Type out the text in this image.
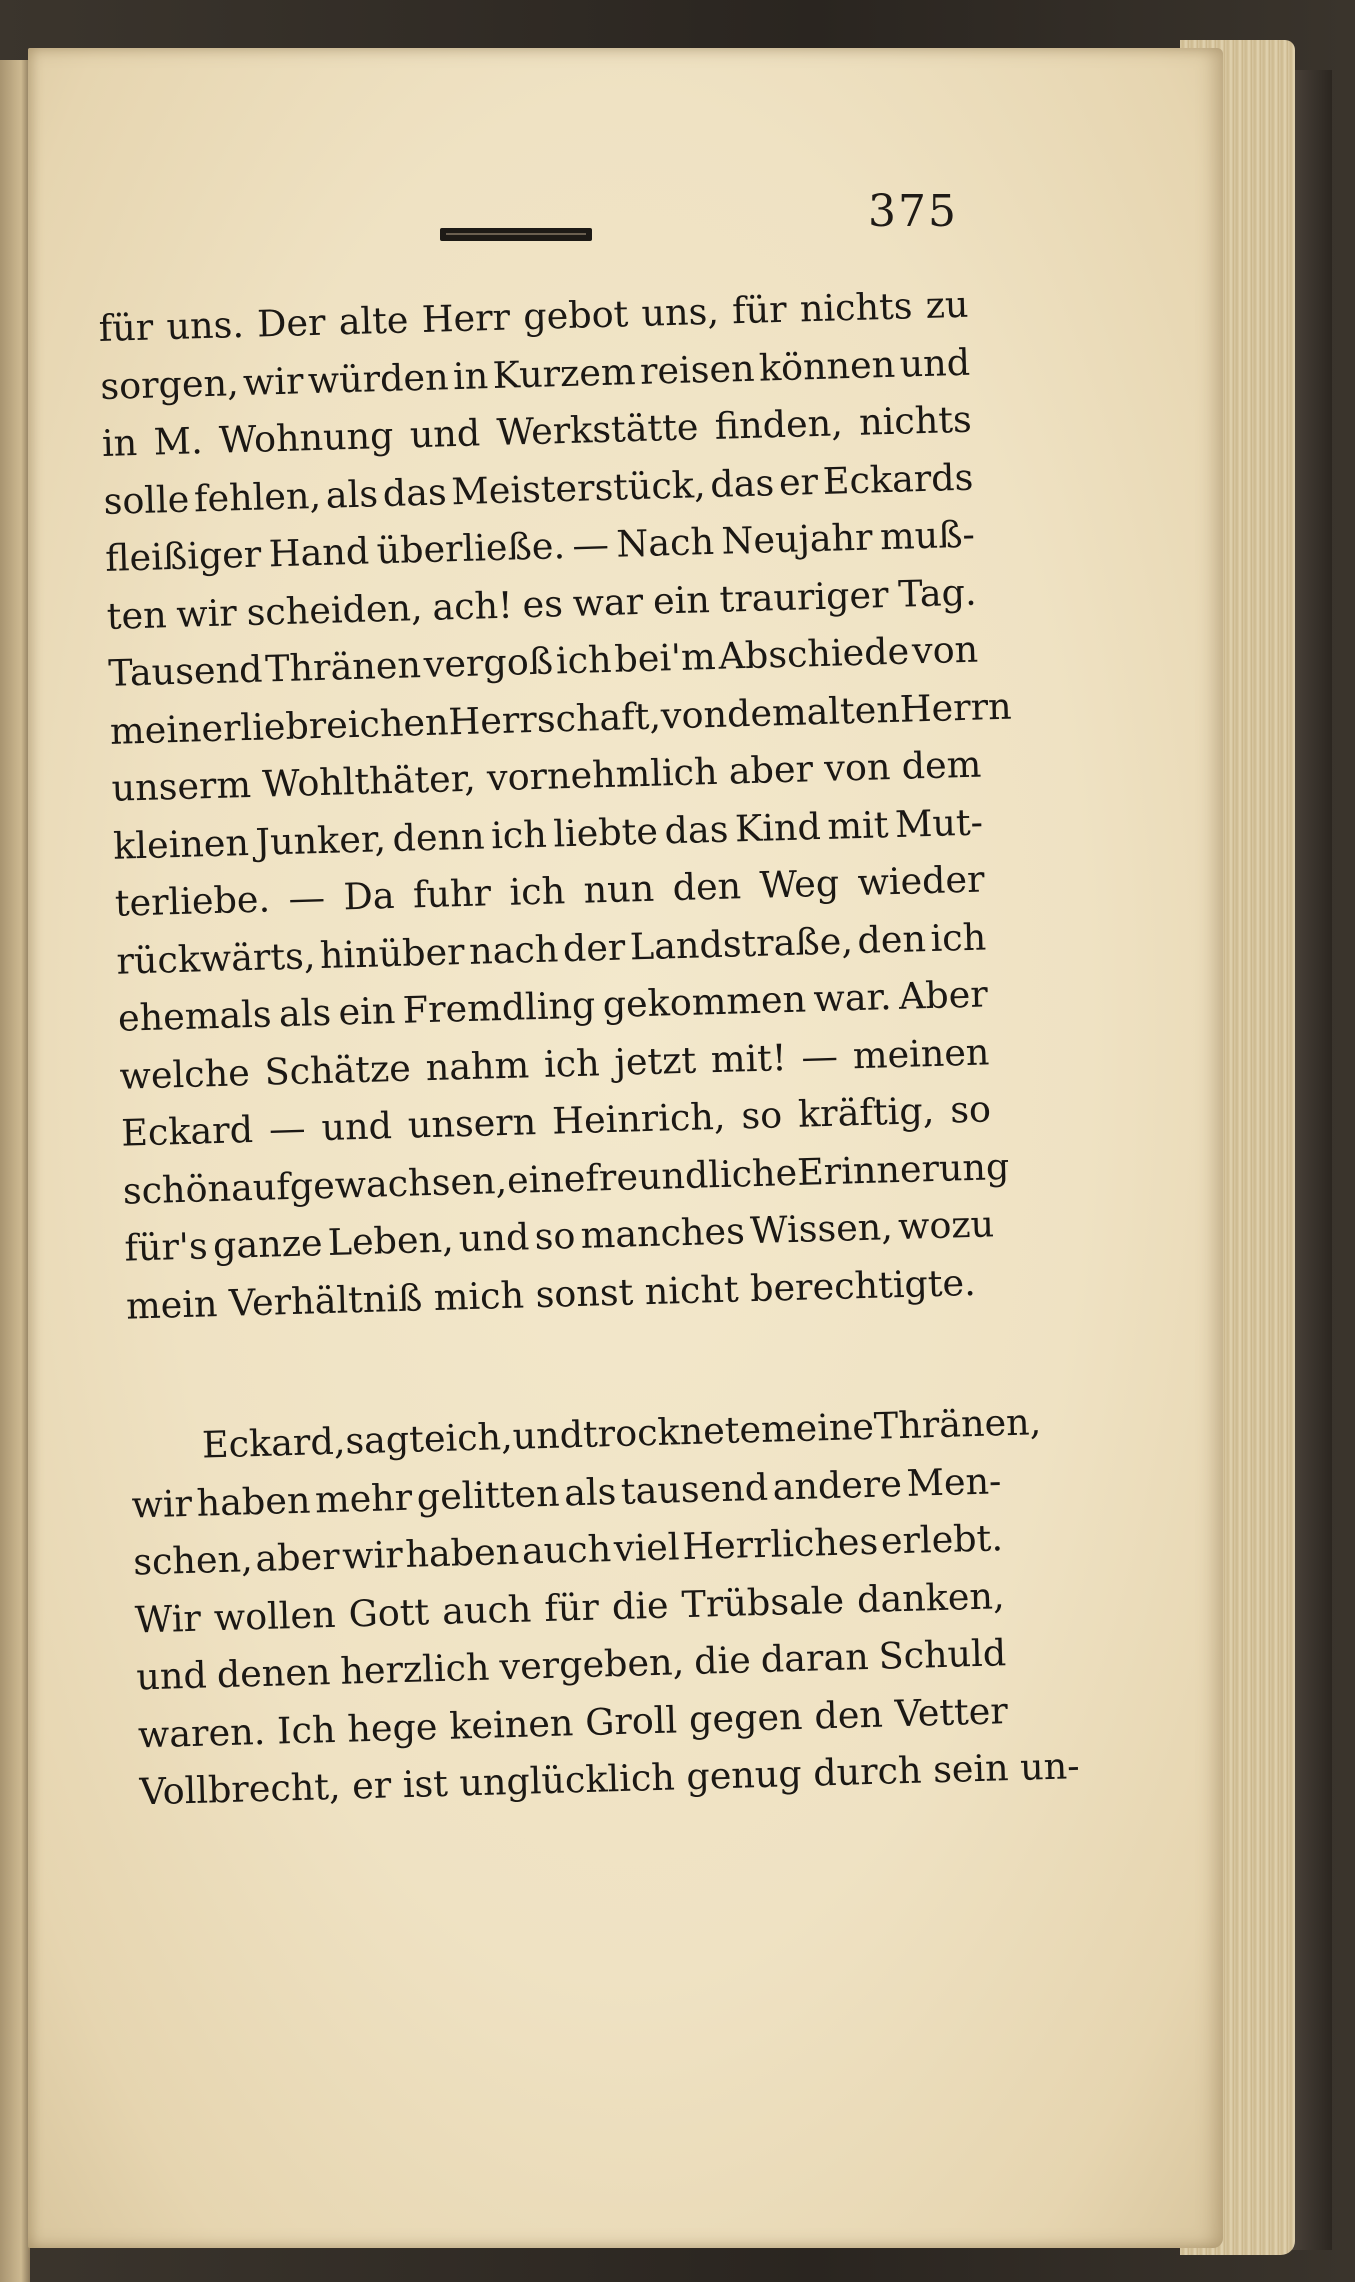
375
für uns. Der alte Herr gebot uns, für nichts zu
sorgen, wir würden in Kurzem reisen können und
in M. Wohnung und Werkstätte finden, nichts
solle fehlen, als das Meisterstück, das er Eckards
fleißiger Hand überließe. — Nach Neujahr muß-
ten wir scheiden, ach! es war ein trauriger Tag.
Tausend Thränen vergoß ich bei'm Abschiede von
meiner
liebreichen
Herrschaft,
von
dem
alten
Herrn
unserm Wohlthäter, vornehmlich aber von dem
kleinen Junker, denn ich liebte das Kind mit Mut-
terliebe. — Da fuhr ich nun den Weg wieder
rückwärts, hinüber nach der Landstraße, den ich
ehemals als ein Fremdling gekommen war. Aber
welche Schätze nahm ich jetzt mit! — meinen
Eckard — und unsern Heinrich, so kräftig, so
schön
aufgewachsen,
eine
freundliche
Erinnerung
für's ganze Leben, und so manches Wissen, wozu
mein Verhältniß mich sonst nicht berechtigte.
Eckard,
sagte
ich,
und
trocknete
meine
Thränen,
wir haben mehr gelitten als tausend andere Men-
schen, aber wir haben auch viel Herrliches erlebt.
Wir wollen Gott auch für die Trübsale danken,
und denen herzlich vergeben, die daran Schuld
waren. Ich hege keinen Groll gegen den Vetter
Vollbrecht, er ist unglücklich genug durch sein un-
